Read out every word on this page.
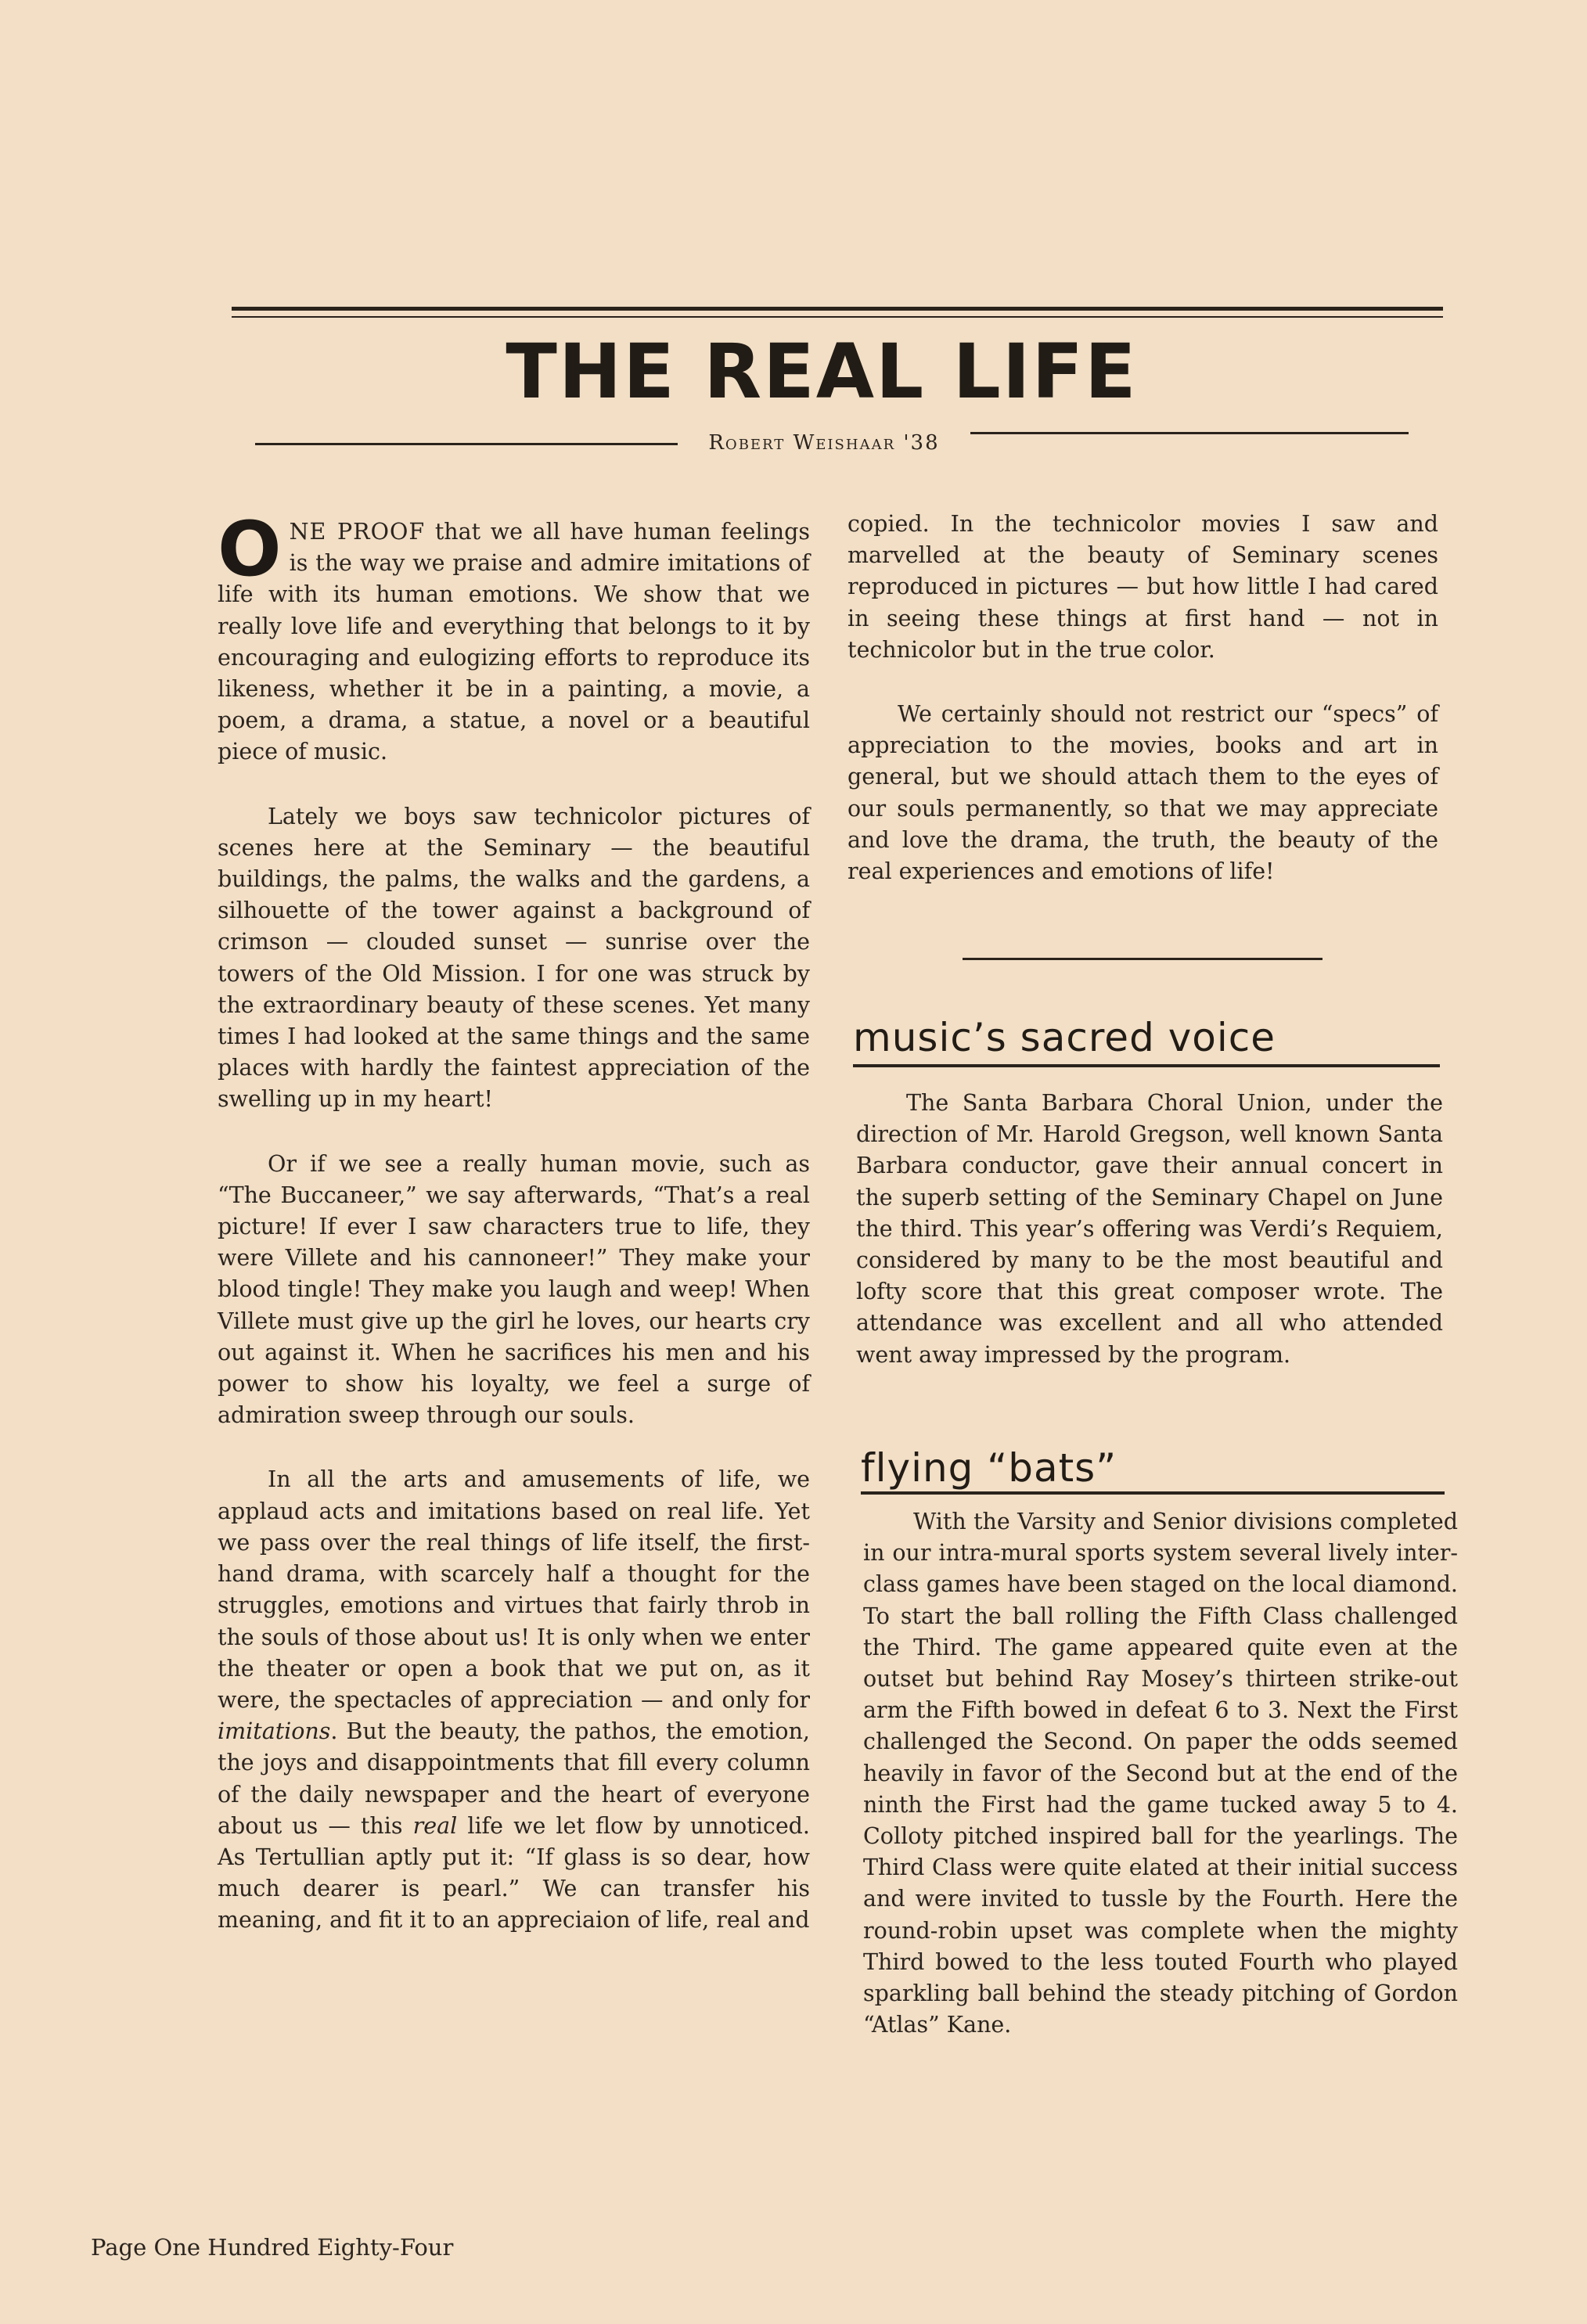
THE REAL LIFE
Robert Weishaar '38

ONE PROOF that we all have human feelings is the way we praise and admire imitations of life with its human emotions. We show that we really love life and everything that belongs to it by encouraging and eulogizing efforts to reproduce its likeness, whether it be in a painting, a movie, a poem, a drama, a statue, a novel or a beautiful piece of music.

Lately we boys saw technicolor pictures of scenes here at the Seminary — the beautiful buildings, the palms, the walks and the gardens, a silhouette of the tower against a background of crimson — clouded sunset — sunrise over the towers of the Old Mission. I for one was struck by the extraordinary beauty of these scenes. Yet many times I had looked at the same things and the same places with hardly the faintest appreciation of the swelling up in my heart!

Or if we see a really human movie, such as “The Buccaneer,” we say afterwards, “That’s a real picture! If ever I saw characters true to life, they were Villete and his cannoneer!” They make your blood tingle! They make you laugh and weep! When Villete must give up the girl he loves, our hearts cry out against it. When he sacrifices his men and his power to show his loyalty, we feel a surge of admiration sweep through our souls.

In all the arts and amusements of life, we applaud acts and imitations based on real life. Yet we pass over the real things of life itself, the first-hand drama, with scarcely half a thought for the struggles, emotions and virtues that fairly throb in the souls of those about us! It is only when we enter the theater or open a book that we put on, as it were, the spectacles of appreciation — and only for imitations. But the beauty, the pathos, the emotion, the joys and disappointments that fill every column of the daily newspaper and the heart of everyone about us — this real life we let flow by unnoticed. As Tertullian aptly put it: “If glass is so dear, how much dearer is pearl.” We can transfer his meaning, and fit it to an appreciaion of life, real and

copied. In the technicolor movies I saw and marvelled at the beauty of Seminary scenes reproduced in pictures — but how little I had cared in seeing these things at first hand — not in technicolor but in the true color.

We certainly should not restrict our “specs” of appreciation to the movies, books and art in general, but we should attach them to the eyes of our souls permanently, so that we may appreciate and love the drama, the truth, the beauty of the real experiences and emotions of life!

music’s sacred voice

The Santa Barbara Choral Union, under the direction of Mr. Harold Gregson, well known Santa Barbara conductor, gave their annual concert in the superb setting of the Seminary Chapel on June the third. This year’s offering was Verdi’s Requiem, considered by many to be the most beautiful and lofty score that this great composer wrote. The attendance was excellent and all who attended went away impressed by the program.

flying “bats”

With the Varsity and Senior divisions completed in our intra-mural sports system several lively inter-class games have been staged on the local diamond. To start the ball rolling the Fifth Class challenged the Third. The game appeared quite even at the outset but behind Ray Mosey’s thirteen strike-out arm the Fifth bowed in defeat 6 to 3. Next the First challenged the Second. On paper the odds seemed heavily in favor of the Second but at the end of the ninth the First had the game tucked away 5 to 4. Colloty pitched inspired ball for the yearlings. The Third Class were quite elated at their initial success and were invited to tussle by the Fourth. Here the round-robin upset was complete when the mighty Third bowed to the less touted Fourth who played sparkling ball behind the steady pitching of Gordon “Atlas” Kane.

Page One Hundred Eighty-Four
